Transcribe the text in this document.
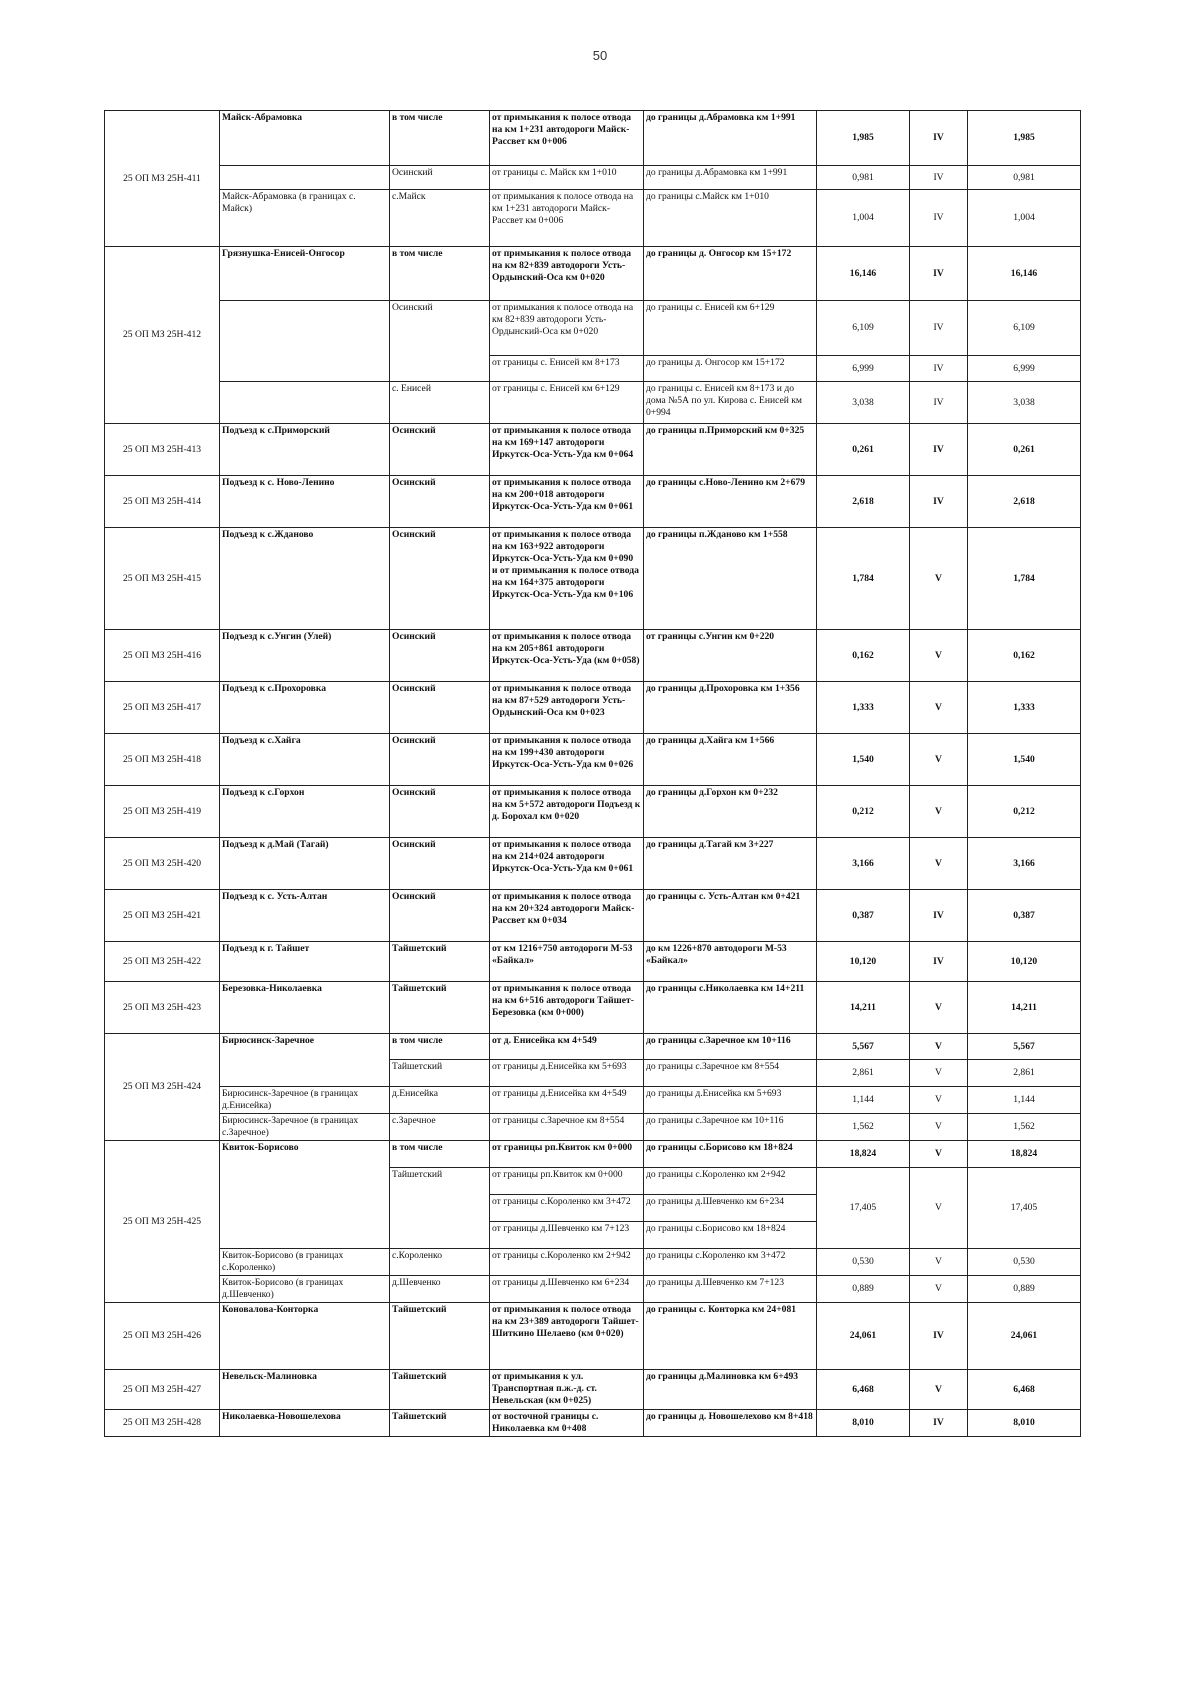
50
25 ОП МЗ 25Н-411	Майск-Абрамовка	в том числе	от примыкания к полосе отвода на км 1+231 автодороги Майск-Рассвет км 0+006	до границы д.Абрамовка км 1+991	1,985	IV	1,985
		Осинский	от границы с. Майск км 1+010	до границы д.Абрамовка км 1+991	0,981	IV	0,981
	Майск-Абрамовка (в границах с. Майск)	с.Майск	от примыкания к полосе отвода на км 1+231 автодороги Майск-Рассвет км 0+006	до границы с.Майск км 1+010	1,004	IV	1,004
25 ОП МЗ 25Н-412	Грязнушка-Енисей-Онгосор	в том числе	от примыкания к полосе отвода на км 82+839 автодороги Усть-Ордынский-Оса км 0+020	до границы д. Онгосор км 15+172	16,146	IV	16,146
		Осинский	от примыкания к полосе отвода на км 82+839 автодороги Усть-Ордынский-Оса км 0+020	до границы с. Енисей км 6+129	6,109	IV	6,109
			от границы с. Енисей км 8+173	до границы д. Онгосор км 15+172	6,999	IV	6,999
		с. Енисей	от границы с. Енисей км 6+129	до границы с. Енисей км 8+173 и до дома №5А по ул. Кирова с. Енисей км 0+994	3,038	IV	3,038
25 ОП МЗ 25Н-413	Подъезд к с.Приморский	Осинский	от примыкания к полосе отвода на км 169+147 автодороги Иркутск-Оса-Усть-Уда км 0+064	до границы п.Приморский км 0+325	0,261	IV	0,261
25 ОП МЗ 25Н-414	Подъезд к с. Ново-Ленино	Осинский	от примыкания к полосе отвода на км 200+018 автодороги Иркутск-Оса-Усть-Уда км 0+061	до границы с.Ново-Ленино км 2+679	2,618	IV	2,618
25 ОП МЗ 25Н-415	Подъезд к с.Жданово	Осинский	от примыкания к полосе отвода на км 163+922 автодороги Иркутск-Оса-Усть-Уда км 0+090 и от примыкания к полосе отвода на км 164+375 автодороги Иркутск-Оса-Усть-Уда км 0+106	до границы п.Жданово км 1+558	1,784	V	1,784
25 ОП МЗ 25Н-416	Подъезд к с.Унгин (Улей)	Осинский	от примыкания к полосе отвода на км 205+861 автодороги Иркутск-Оса-Усть-Уда (км 0+058)	от границы с.Унгин км 0+220	0,162	V	0,162
25 ОП МЗ 25Н-417	Подъезд к с.Прохоровка	Осинский	от примыкания к полосе отвода на км 87+529 автодороги Усть-Ордынский-Оса км 0+023	до границы д.Прохоровка км 1+356	1,333	V	1,333
25 ОП МЗ 25Н-418	Подъезд к с.Хайга	Осинский	от примыкания к полосе отвода на км 199+430 автодороги Иркутск-Оса-Усть-Уда км 0+026	до границы д.Хайга км 1+566	1,540	V	1,540
25 ОП МЗ 25Н-419	Подъезд к с.Горхон	Осинский	от примыкания к полосе отвода на км 5+572 автодороги Подъезд к д. Борохал км 0+020	до границы д.Горхон км 0+232	0,212	V	0,212
25 ОП МЗ 25Н-420	Подъезд к д.Май (Тагай)	Осинский	от примыкания к полосе отвода на км 214+024 автодороги Иркутск-Оса-Усть-Уда км 0+061	до границы д.Тагай км 3+227	3,166	V	3,166
25 ОП МЗ 25Н-421	Подъезд к с. Усть-Алтан	Осинский	от примыкания к полосе отвода на км 20+324 автодороги Майск-Рассвет км 0+034	до границы с. Усть-Алтан км 0+421	0,387	IV	0,387
25 ОП МЗ 25Н-422	Подъезд к г. Тайшет	Тайшетский	от км 1216+750 автодороги М-53 «Байкал»	до км 1226+870 автодороги М-53 «Байкал»	10,120	IV	10,120
25 ОП МЗ 25Н-423	Березовка-Николаевка	Тайшетский	от примыкания к полосе отвода на км 6+516 автодороги Тайшет-Березовка (км 0+000)	до границы с.Николаевка км 14+211	14,211	V	14,211
25 ОП МЗ 25Н-424	Бирюсинск-Заречное	в том числе	от д. Енисейка км 4+549	до границы с.Заречное км 10+116	5,567	V	5,567
		Тайшетский	от границы д.Енисейка км 5+693	до границы с.Заречное км 8+554	2,861	V	2,861
	Бирюсинск-Заречное (в границах д.Енисейка)	д.Енисейка	от границы д.Енисейка км 4+549	до границы д.Енисейка км 5+693	1,144	V	1,144
	Бирюсинск-Заречное (в границах с.Заречное)	с.Заречное	от границы с.Заречное км 8+554	до границы с.Заречное км 10+116	1,562	V	1,562
25 ОП МЗ 25Н-425	Квиток-Борисово	в том числе	от границы рп.Квиток км 0+000	до границы с.Борисово км 18+824	18,824	V	18,824
		Тайшетский	от границы рп.Квиток км 0+000	до границы с.Короленко км 2+942	17,405	V	17,405
			от границы с.Короленко км 3+472	до границы д.Шевченко км 6+234			
			от границы д.Шевченко км 7+123	до границы с.Борисово км 18+824			
	Квиток-Борисово (в границах с.Короленко)	с.Короленко	от границы с.Короленко км 2+942	до границы с.Короленко км 3+472	0,530	V	0,530
	Квиток-Борисово (в границах д.Шевченко)	д.Шевченко	от границы д.Шевченко км 6+234	до границы д.Шевченко км 7+123	0,889	V	0,889
25 ОП МЗ 25Н-426	Коновалова-Конторка	Тайшетский	от примыкания к полосе отвода на км 23+389 автодороги Тайшет-Шиткино Шелаево (км 0+020)	до границы с. Конторка км 24+081	24,061	IV	24,061
25 ОП МЗ 25Н-427	Невельск-Малиновка	Тайшетский	от примыкания к ул. Транспортная п.ж.-д. ст. Невельская (км 0+025)	до границы д.Малиновка км 6+493	6,468	V	6,468
25 ОП МЗ 25Н-428	Николаевка-Новошелехова	Тайшетский	от восточной границы с. Николаевка км 0+408	до границы д. Новошелехово км 8+418	8,010	IV	8,010
